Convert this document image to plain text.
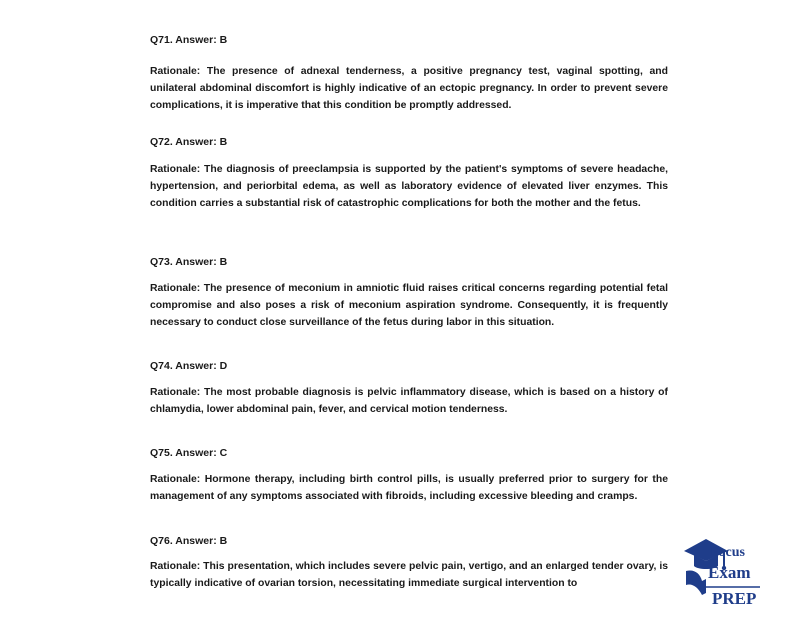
Q71. Answer: B
Rationale: The presence of adnexal tenderness, a positive pregnancy test, vaginal spotting, and unilateral abdominal discomfort is highly indicative of an ectopic pregnancy. In order to prevent severe complications, it is imperative that this condition be promptly addressed.
Q72. Answer: B
Rationale: The diagnosis of preeclampsia is supported by the patient's symptoms of severe headache, hypertension, and periorbital edema, as well as laboratory evidence of elevated liver enzymes. This condition carries a substantial risk of catastrophic complications for both the mother and the fetus.
Q73. Answer: B
Rationale: The presence of meconium in amniotic fluid raises critical concerns regarding potential fetal compromise and also poses a risk of meconium aspiration syndrome. Consequently, it is frequently necessary to conduct close surveillance of the fetus during labor in this situation.
Q74. Answer: D
Rationale: The most probable diagnosis is pelvic inflammatory disease, which is based on a history of chlamydia, lower abdominal pain, fever, and cervical motion tenderness.
Q75. Answer: C
Rationale: Hormone therapy, including birth control pills, is usually preferred prior to surgery for the management of any symptoms associated with fibroids, including excessive bleeding and cramps.
Q76. Answer: B
Rationale: This presentation, which includes severe pelvic pain, vertigo, and an enlarged tender ovary, is typically indicative of ovarian torsion, necessitating immediate surgical intervention to
Focus
Exam
PREP
